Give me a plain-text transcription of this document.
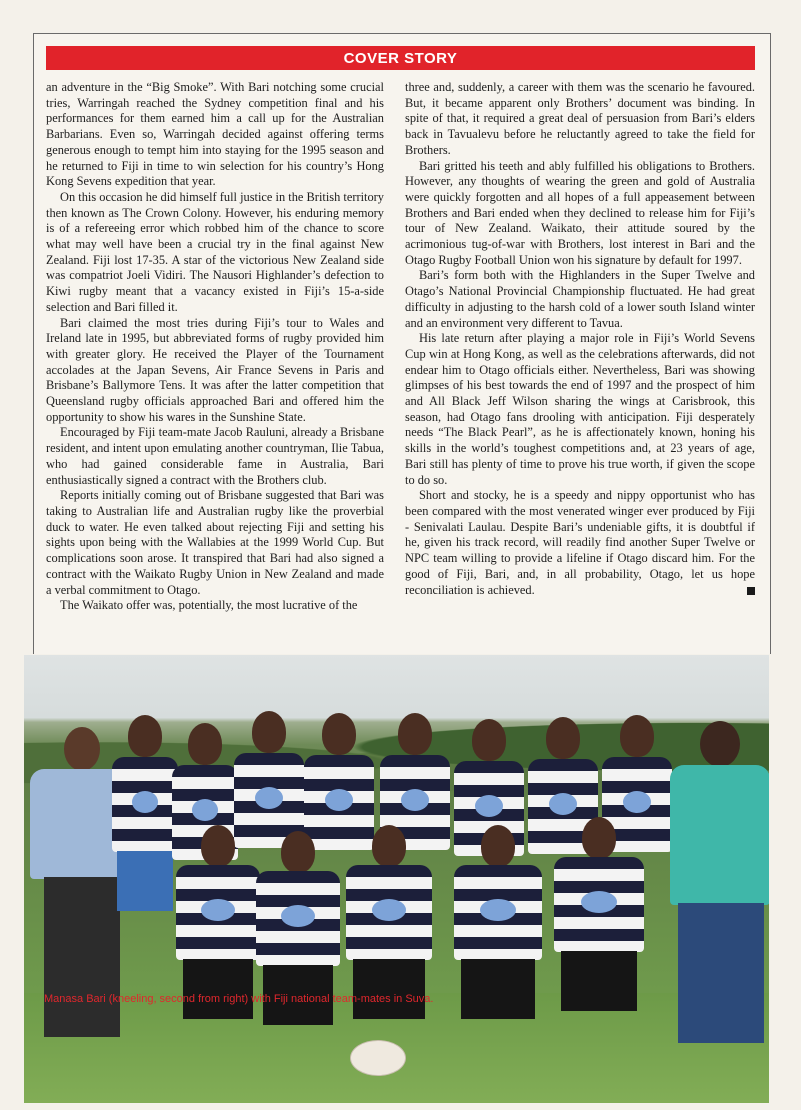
COVER STORY

an adventure in the “Big Smoke”. With Bari notching some crucial tries, Warringah reached the Sydney competition final and his performances for them earned him a call up for the Australian Barbarians. Even so, Warringah decided against offering terms generous enough to tempt him into staying for the 1995 season and he returned to Fiji in time to win selection for his country’s Hong Kong Sevens expedition that year.

On this occasion he did himself full justice in the British territory then known as The Crown Colony. However, his enduring memory is of a refereeing error which robbed him of the chance to score what may well have been a crucial try in the final against New Zealand. Fiji lost 17-35. A star of the victorious New Zealand side was compatriot Joeli Vidiri. The Nausori Highlander’s defection to Kiwi rugby meant that a vacancy existed in Fiji’s 15-a-side selection and Bari filled it.

Bari claimed the most tries during Fiji’s tour to Wales and Ireland late in 1995, but abbreviated forms of rugby provided him with greater glory. He received the Player of the Tournament accolades at the Japan Sevens, Air France Sevens in Paris and Brisbane’s Ballymore Tens. It was after the latter competition that Queensland rugby officials approached Bari and offered him the opportunity to show his wares in the Sunshine State.

Encouraged by Fiji team-mate Jacob Rauluni, already a Brisbane resident, and intent upon emulating another countryman, Ilie Tabua, who had gained considerable fame in Australia, Bari enthusiastically signed a contract with the Brothers club.

Reports initially coming out of Brisbane suggested that Bari was taking to Australian life and Australian rugby like the proverbial duck to water. He even talked about rejecting Fiji and setting his sights upon being with the Wallabies at the 1999 World Cup. But complications soon arose. It transpired that Bari had also signed a contract with the Waikato Rugby Union in New Zealand and made a verbal commitment to Otago.

The Waikato offer was, potentially, the most lucrative of the

three and, suddenly, a career with them was the scenario he favoured. But, it became apparent only Brothers’ document was binding. In spite of that, it required a great deal of persuasion from Bari’s elders back in Tavualevu before he reluctantly agreed to take the field for Brothers.

Bari gritted his teeth and ably fulfilled his obligations to Brothers. However, any thoughts of wearing the green and gold of Australia were quickly forgotten and all hopes of a full appeasement between Brothers and Bari ended when they declined to release him for Fiji’s tour of New Zealand. Waikato, their attitude soured by the acrimonious tug-of-war with Brothers, lost interest in Bari and the Otago Rugby Football Union won his signature by default for 1997.

Bari’s form both with the Highlanders in the Super Twelve and Otago’s National Provincial Championship fluctuated. He had great difficulty in adjusting to the harsh cold of a lower south Island winter and an environment very different to Tavua.

His late return after playing a major role in Fiji’s World Sevens Cup win at Hong Kong, as well as the celebrations afterwards, did not endear him to Otago officials either. Nevertheless, Bari was showing glimpses of his best towards the end of 1997 and the prospect of him and All Black Jeff Wilson sharing the wings at Carisbrook, this season, had Otago fans drooling with anticipation. Fiji desperately needs “The Black Pearl”, as he is affectionately known, honing his skills in the world’s toughest competitions and, at 23 years of age, Bari still has plenty of time to prove his true worth, if given the scope to do so.

Short and stocky, he is a speedy and nippy opportunist who has been compared with the most venerated winger ever produced by Fiji - Senivalati Laulau. Despite Bari’s undeniable gifts, it is doubtful if he, given his track record, will readily find another Super Twelve or NPC team willing to provide a lifeline if Otago discard him. For the good of Fiji, Bari, and, in all probability, Otago, let us hope reconciliation is achieved.

Manasa Bari (kneeling, second from right) with Fiji national team-mates in Suva.
